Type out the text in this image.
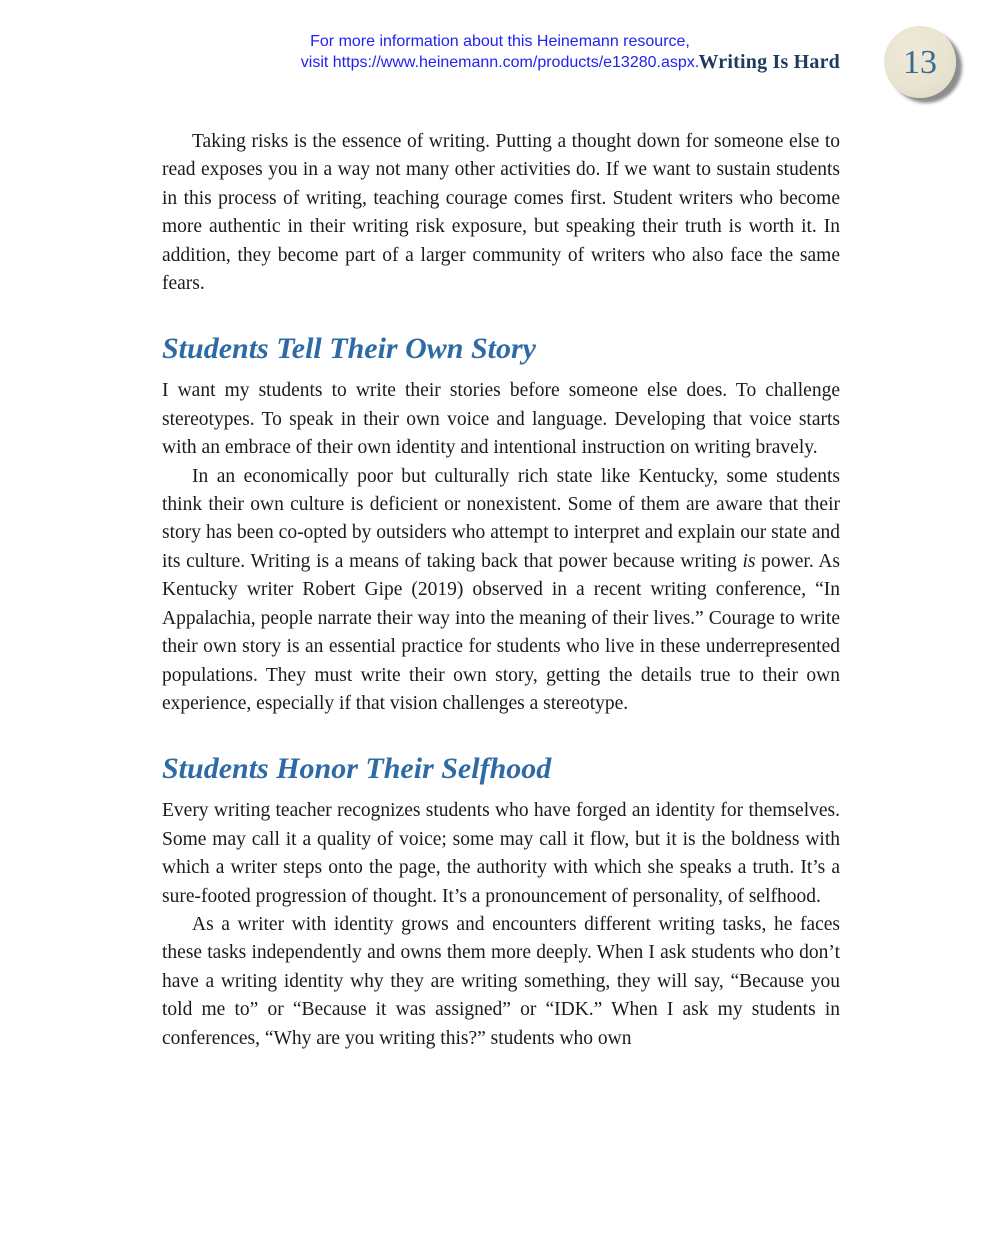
For more information about this Heinemann resource,
visit https://www.heinemann.com/products/e13280.aspx. Writing Is Hard 13

Taking risks is the essence of writing. Putting a thought down for someone else to read exposes you in a way not many other activities do. If we want to sustain students in this process of writing, teaching courage comes first. Student writers who become more authentic in their writing risk exposure, but speaking their truth is worth it. In addition, they become part of a larger community of writers who also face the same fears.

Students Tell Their Own Story

I want my students to write their stories before someone else does. To challenge stereotypes. To speak in their own voice and language. Developing that voice starts with an embrace of their own identity and intentional instruction on writing bravely.

In an economically poor but culturally rich state like Kentucky, some students think their own culture is deficient or nonexistent. Some of them are aware that their story has been co-opted by outsiders who attempt to interpret and explain our state and its culture. Writing is a means of taking back that power because writing is power. As Kentucky writer Robert Gipe (2019) observed in a recent writing conference, “In Appalachia, people narrate their way into the meaning of their lives.” Courage to write their own story is an essential practice for students who live in these underrepresented populations. They must write their own story, getting the details true to their own experience, especially if that vision challenges a stereotype.

Students Honor Their Selfhood

Every writing teacher recognizes students who have forged an identity for themselves. Some may call it a quality of voice; some may call it flow, but it is the boldness with which a writer steps onto the page, the authority with which she speaks a truth. It’s a sure-footed progression of thought. It’s a pronouncement of personality, of selfhood.

As a writer with identity grows and encounters different writing tasks, he faces these tasks independently and owns them more deeply. When I ask students who don’t have a writing identity why they are writing something, they will say, “Because you told me to” or “Because it was assigned” or “IDK.” When I ask my students in conferences, “Why are you writing this?” students who own
